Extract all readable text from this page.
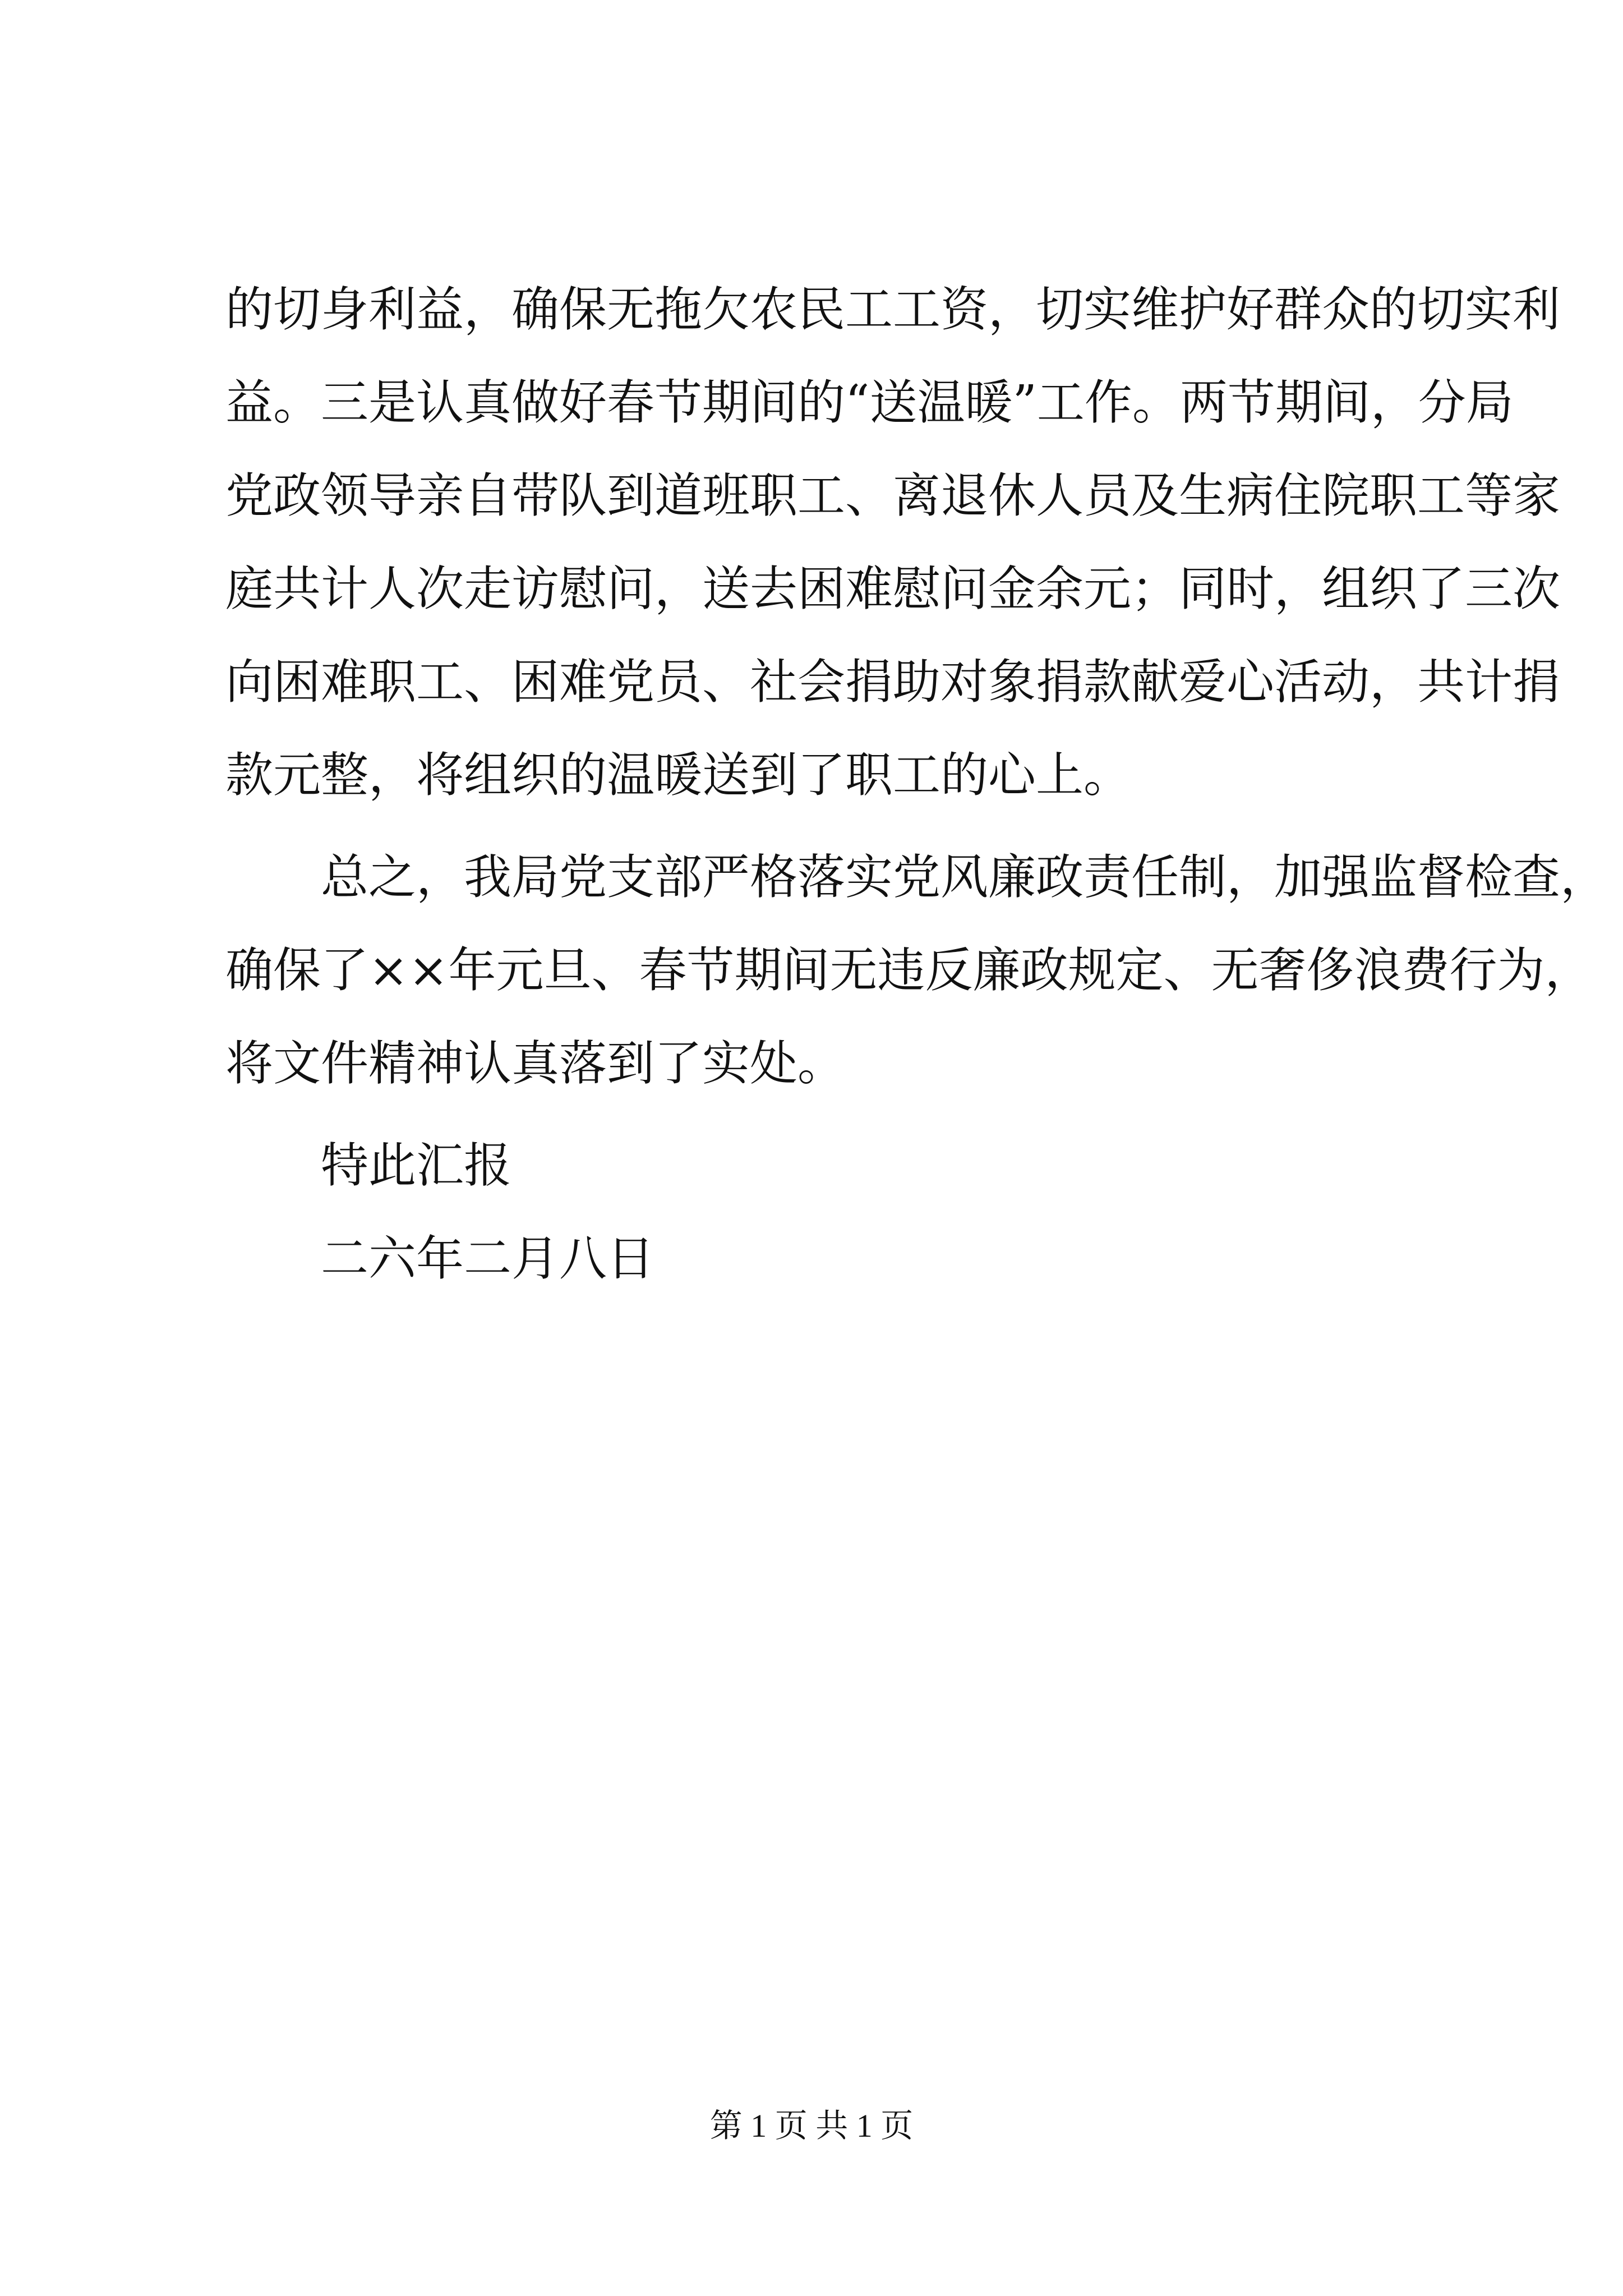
的切身利益，确保无拖欠农民工工资，切实维护好群众的切实利
益。三是认真做好春节期间的“送温暖”工作。两节期间，分局
党政领导亲自带队到道班职工、离退休人员及生病住院职工等家
庭共计人次走访慰问，送去困难慰问金余元；同时，组织了三次
向困难职工、困难党员、社会捐助对象捐款献爱心活动，共计捐
款元整，将组织的温暖送到了职工的心上。
总之，我局党支部严格落实党风廉政责任制，加强监督检查，
确保了××年元旦、春节期间无违反廉政规定、无奢侈浪费行为，
将文件精神认真落到了实处。
特此汇报
二六年二月八日
第 1 页 共 1 页
